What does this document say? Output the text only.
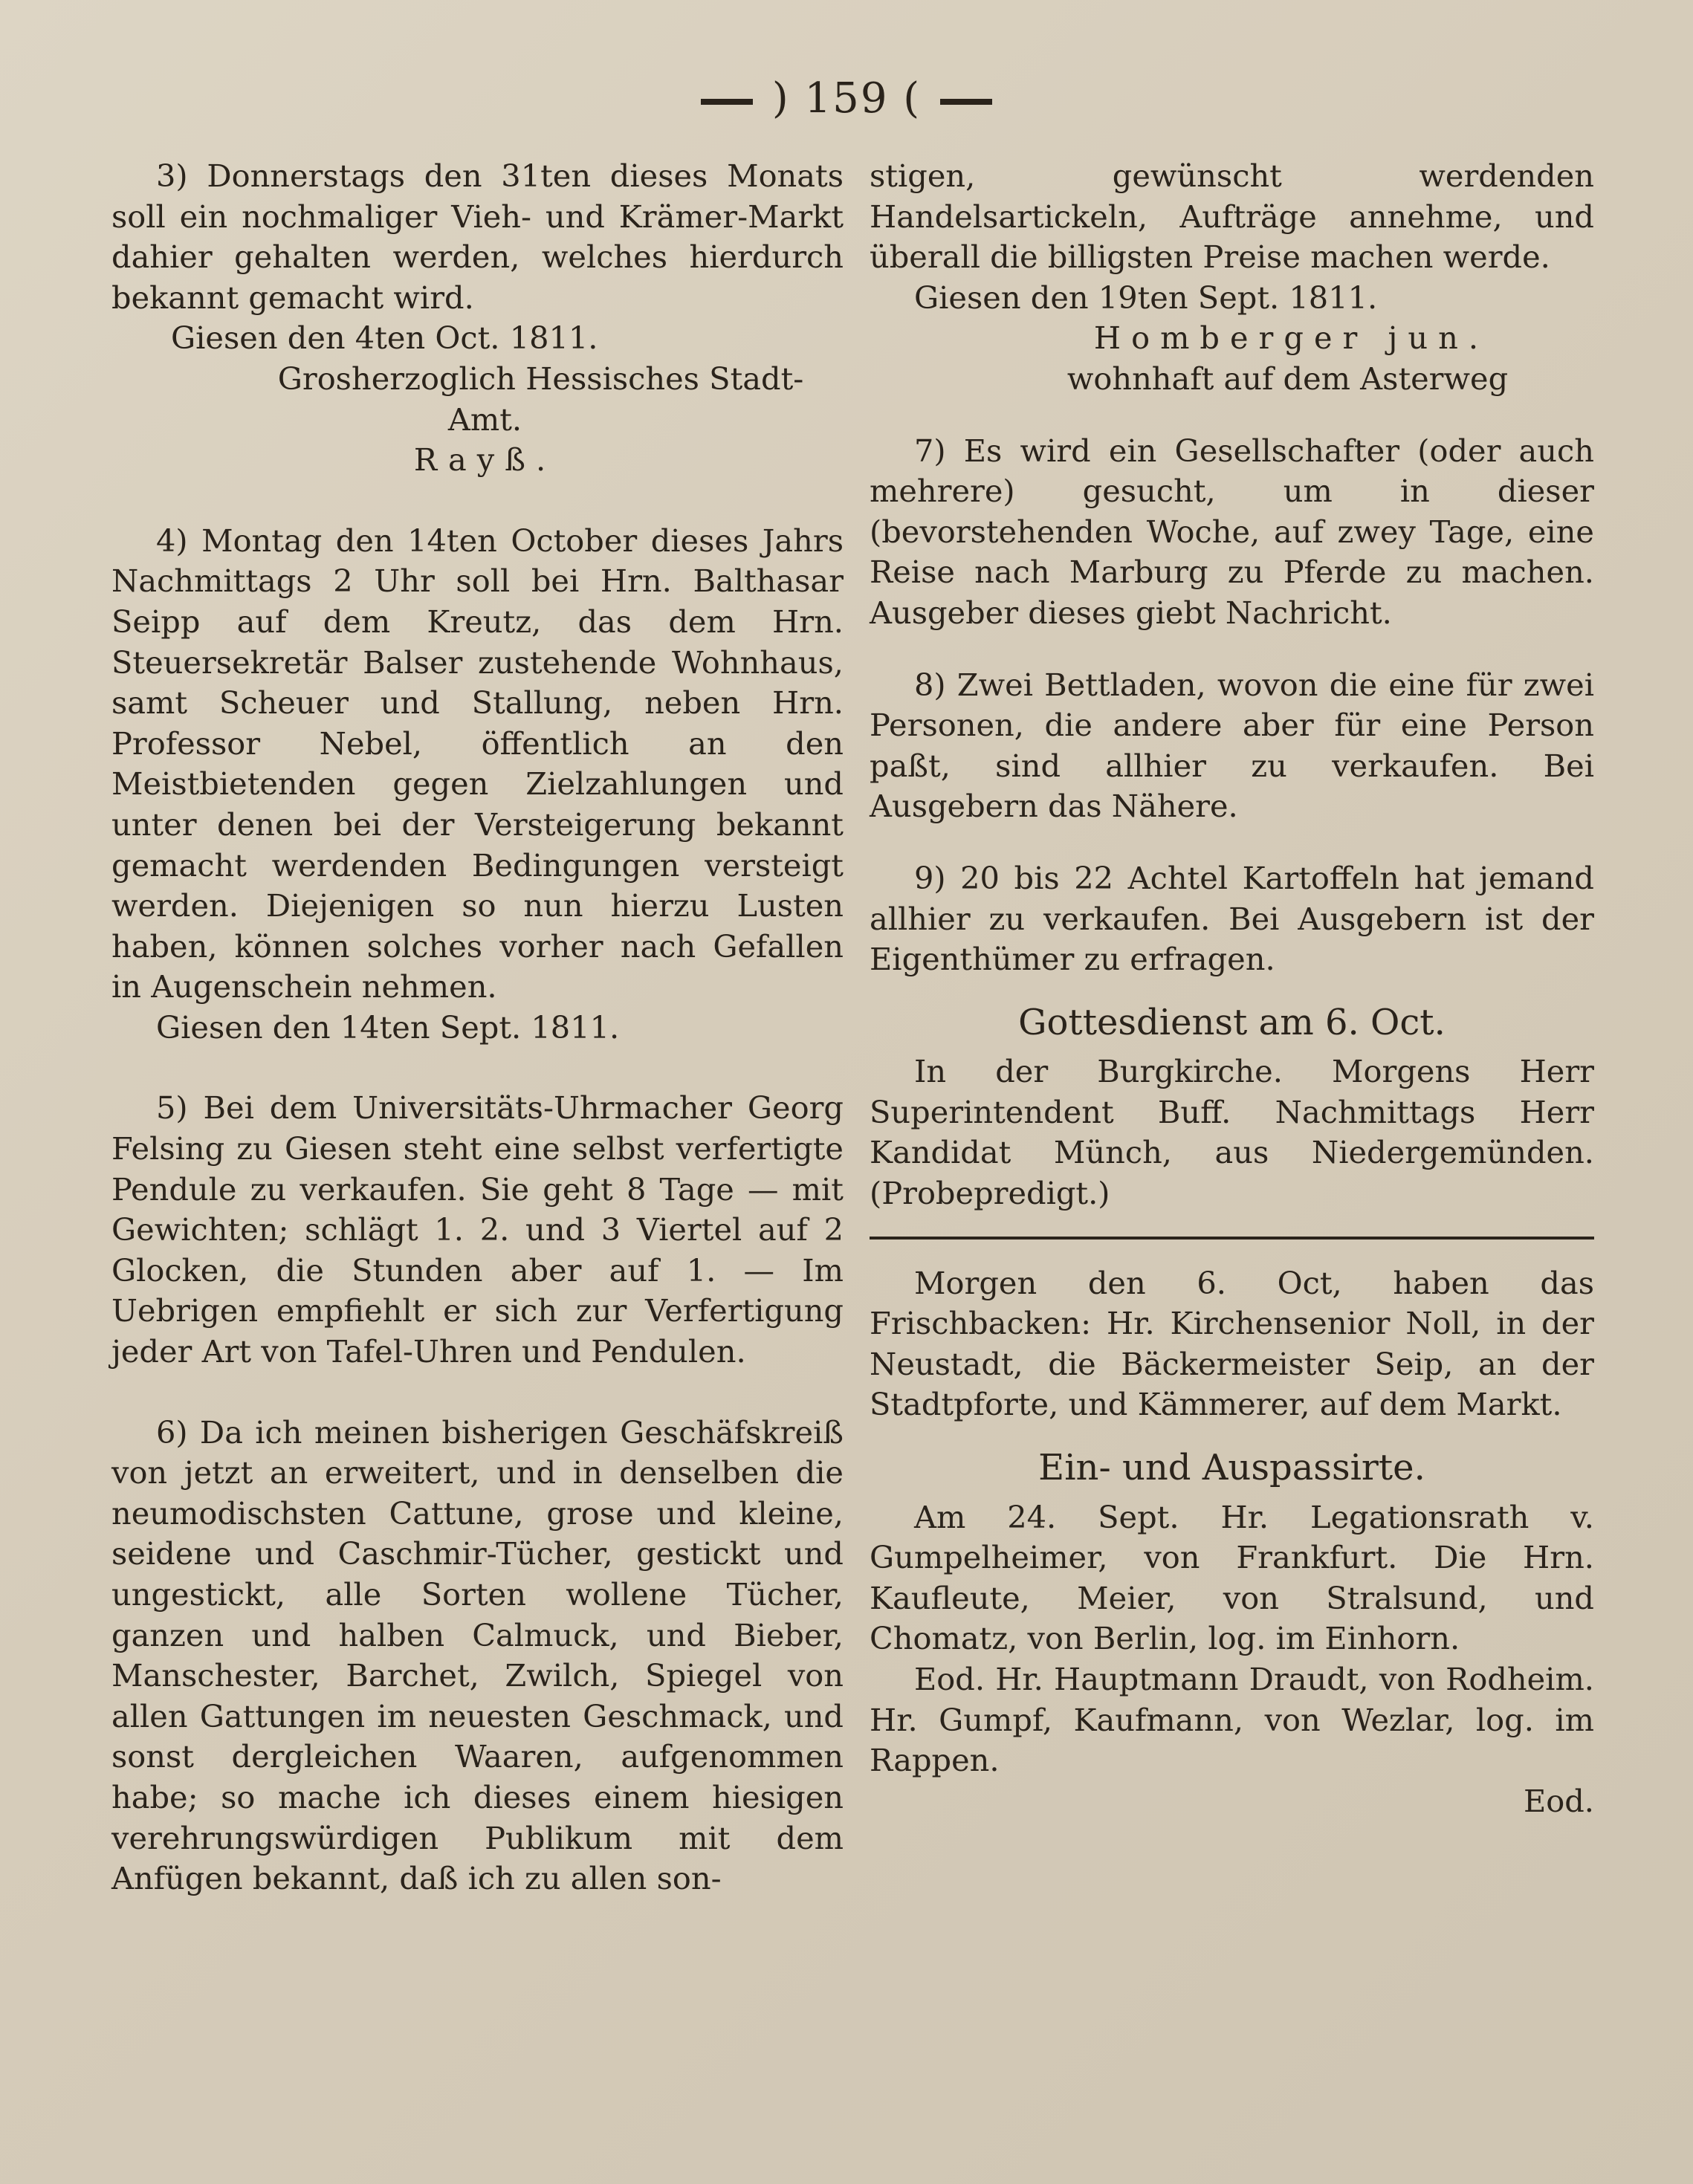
) 159 (
3) Donnerstags den 31ten dieses Monats soll ein nochmaliger Vieh- und Krämer-Markt dahier gehalten werden, welches hierdurch bekannt gemacht wird.
Giesen den 4ten Oct. 1811.
Grosherzoglich Hessisches Stadt-
Amt.
Rayß.
4) Montag den 14ten October dieses Jahrs Nachmittags 2 Uhr soll bei Hrn. Balthasar Seipp auf dem Kreutz, das dem Hrn. Steuersekretär Balser zustehende Wohnhaus, samt Scheuer und Stallung, neben Hrn. Professor Nebel, öffentlich an den Meistbietenden gegen Zielzahlungen und unter denen bei der Versteigerung bekannt gemacht werdenden Bedingungen versteigt werden. Diejenigen so nun hierzu Lusten haben, können solches vorher nach Gefallen in Augenschein nehmen.
Giesen den 14ten Sept. 1811.
5) Bei dem Universitäts-Uhrmacher Georg Felsing zu Giesen steht eine selbst verfertigte Pendule zu verkaufen. Sie geht 8 Tage — mit Gewichten; schlägt 1. 2. und 3 Viertel auf 2 Glocken, die Stunden aber auf 1. — Im Uebrigen empfiehlt er sich zur Verfertigung jeder Art von Tafel-Uhren und Pendulen.
6) Da ich meinen bisherigen Geschäfskreiß von jetzt an erweitert, und in denselben die neumodischsten Cattune, grose und kleine, seidene und Caschmir-Tücher, gestickt und ungestickt, alle Sorten wollene Tücher, ganzen und halben Calmuck, und Bieber, Manschester, Barchet, Zwilch, Spiegel von allen Gattungen im neuesten Geschmack, und sonst dergleichen Waaren, aufgenommen habe; so mache ich dieses einem hiesigen verehrungswürdigen Publikum mit dem Anfügen bekannt, daß ich zu allen son-
stigen, gewünscht werdenden Handelsartickeln, Aufträge annehme, und überall die billigsten Preise machen werde.
Giesen den 19ten Sept. 1811.
Homberger jun.
wohnhaft auf dem Asterweg
7) Es wird ein Gesellschafter (oder auch mehrere) gesucht, um in dieser (bevorstehenden Woche, auf zwey Tage, eine Reise nach Marburg zu Pferde zu machen. Ausgeber dieses giebt Nachricht.
8) Zwei Bettladen, wovon die eine für zwei Personen, die andere aber für eine Person paßt, sind allhier zu verkaufen. Bei Ausgebern das Nähere.
9) 20 bis 22 Achtel Kartoffeln hat jemand allhier zu verkaufen. Bei Ausgebern ist der Eigenthümer zu erfragen.
Gottesdienst am 6. Oct.
In der Burgkirche. Morgens Herr Superintendent Buff. Nachmittags Herr Kandidat Münch, aus Niedergemünden. (Probepredigt.)
Morgen den 6. Oct, haben das Frischbacken: Hr. Kirchensenior Noll, in der Neustadt, die Bäckermeister Seip, an der Stadtpforte, und Kämmerer, auf dem Markt.
Ein- und Auspassirte.
Am 24. Sept. Hr. Legationsrath v. Gumpelheimer, von Frankfurt. Die Hrn. Kaufleute, Meier, von Stralsund, und Chomatz, von Berlin, log. im Einhorn.
Eod. Hr. Hauptmann Draudt, von Rodheim. Hr. Gumpf, Kaufmann, von Wezlar, log. im Rappen.
Eod.
